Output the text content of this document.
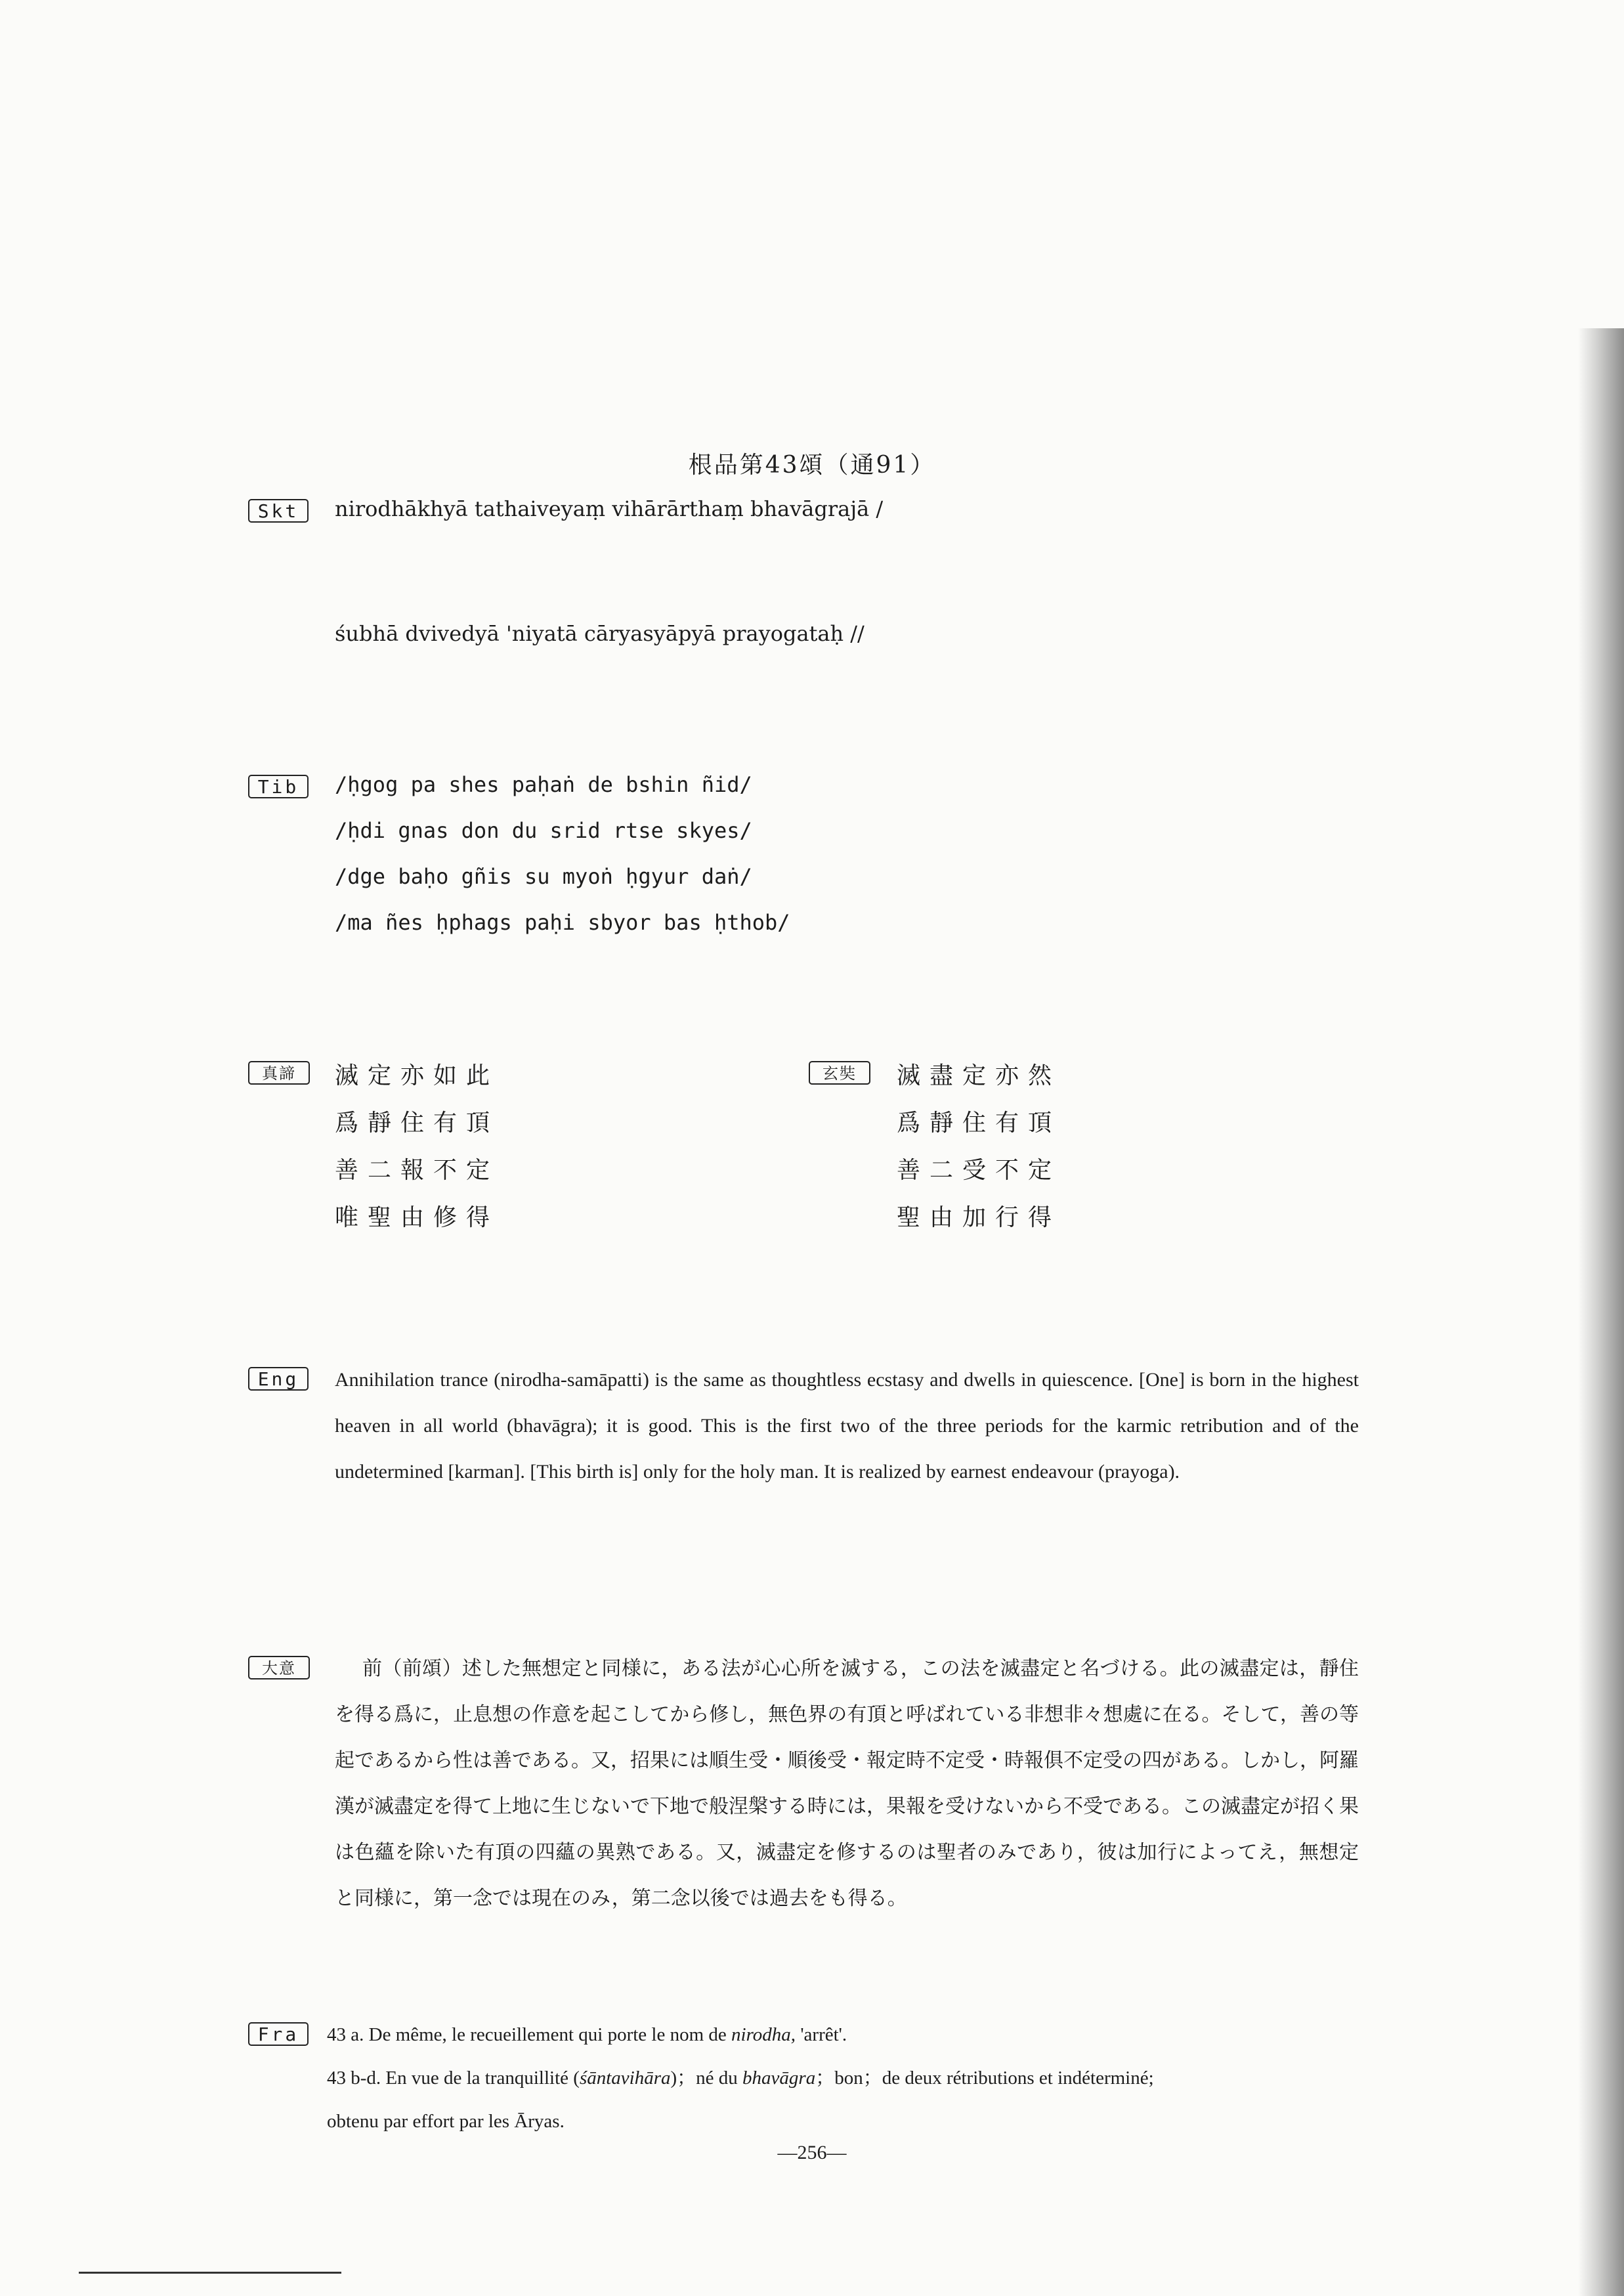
根品第43頌（通91）
Skt	nirodhākhyā tathaiveyaṃ vihārārthaṃ bhavāgrajā /
śubhā dvivedyā 'niyatā cāryasyāpyā prayogataḥ //
Tib	/ḥgog pa shes paḥaṅ de bshin ñid/
/ḥdi gnas don du srid rtse skyes/
/dge baḥo gñis su myoṅ ḥgyur daṅ/
/ma ñes ḥphags paḥi sbyor bas ḥthob/
真諦	滅定亦如此
爲靜住有頂
善二報不定
唯聖由修得
玄奘	滅盡定亦然
爲靜住有頂
善二受不定
聖由加行得
Eng	Annihilation trance (nirodha-samāpatti) is the same as thoughtless ecstasy and dwells in quiescence. [One] is born in the highest heaven in all world (bhavāgra); it is good. This is the first two of the three periods for the karmic retribution and of the undetermined [karman]. [This birth is] only for the holy man. It is realized by earnest endeavour (prayoga).
大意	前（前頌）述した無想定と同様に，ある法が心心所を滅する，この法を滅盡定と名づける。此の滅盡定は，靜住を得る爲に，止息想の作意を起こしてから修し，無色界の有頂と呼ばれている非想非々想處に在る。そして，善の等起であるから性は善である。又，招果には順生受・順後受・報定時不定受・時報俱不定受の四がある。しかし，阿羅漢が滅盡定を得て上地に生じないで下地で般涅槃する時には，果報を受けないから不受である。この滅盡定が招く果は色蘊を除いた有頂の四蘊の異熟である。又，滅盡定を修するのは聖者のみであり，彼は加行によってえ，無想定と同様に，第一念では現在のみ，第二念以後では過去をも得る。
Fra	43 a. De même, le recueillement qui porte le nom de nirodha, 'arrêt'.
43 b-d. En vue de la tranquillité (śāntavihāra)；né du bhavāgra；bon；de deux rétributions et indéterminé;
obtenu par effort par les Āryas.
—256—
